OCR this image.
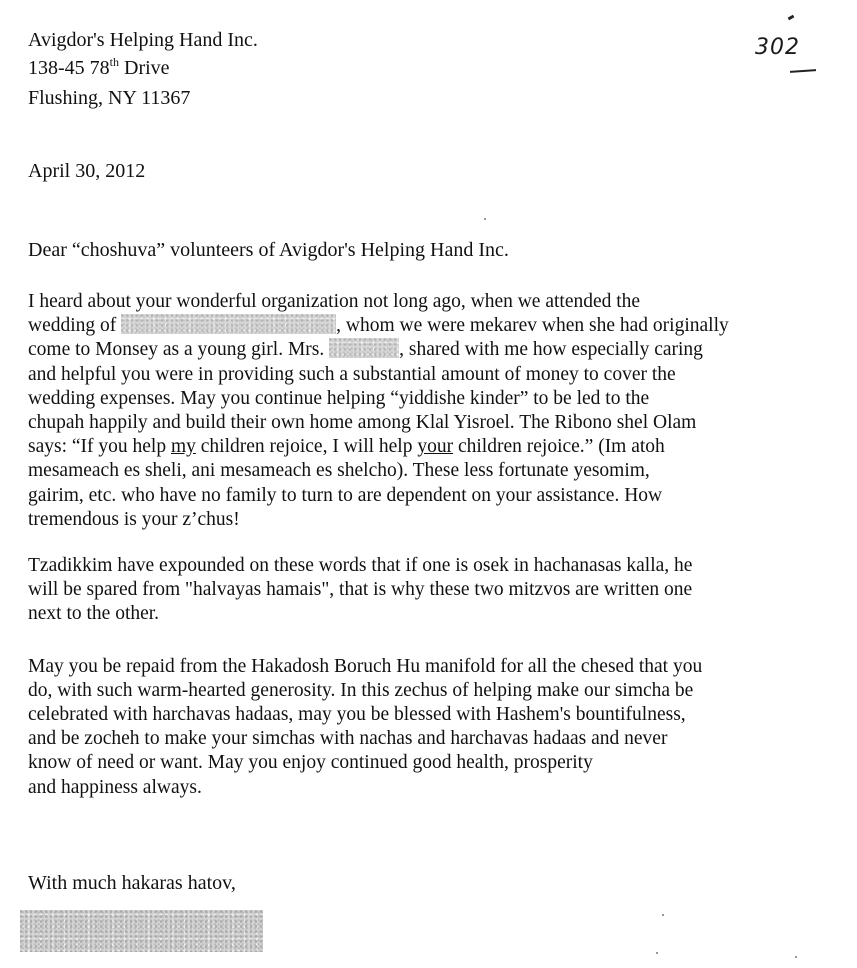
Avigdor's Helping Hand Inc.
138-45 78th Drive
Flushing, NY 11367
302
April 30, 2012
Dear “choshuva” volunteers of Avigdor's Helping Hand Inc.

I heard about your wonderful organization not long ago, when we attended the
wedding of	, whom we were mekarev when she had originally
come to Monsey as a young girl. Mrs.	, shared with me how especially caring
and helpful you were in providing such a substantial amount of money to cover the
wedding expenses. May you continue helping “yiddishe kinder” to be led to the
chupah happily and build their own home among Klal Yisroel. The Ribono shel Olam
says: “If you help my children rejoice, I will help your children rejoice.” (Im atoh
mesameach es sheli, ani mesameach es shelcho). These less fortunate yesomim,
gairim, etc. who have no family to turn to are dependent on your assistance. How
tremendous is your z’chus!

Tzadikkim have expounded on these words that if one is osek in hachanasas kalla, he
will be spared from "halvayas hamais", that is why these two mitzvos are written one
next to the other.

May you be repaid from the Hakadosh Boruch Hu manifold for all the chesed that you
do, with such warm-hearted generosity. In this zechus of helping make our simcha be
celebrated with harchavas hadaas, may you be blessed with Hashem's bountifulness,
and be zocheh to make your simchas with nachas and harchavas hadaas and never
know of need or want. May you enjoy continued good health, prosperity
and happiness always.

With much hakaras hatov,
